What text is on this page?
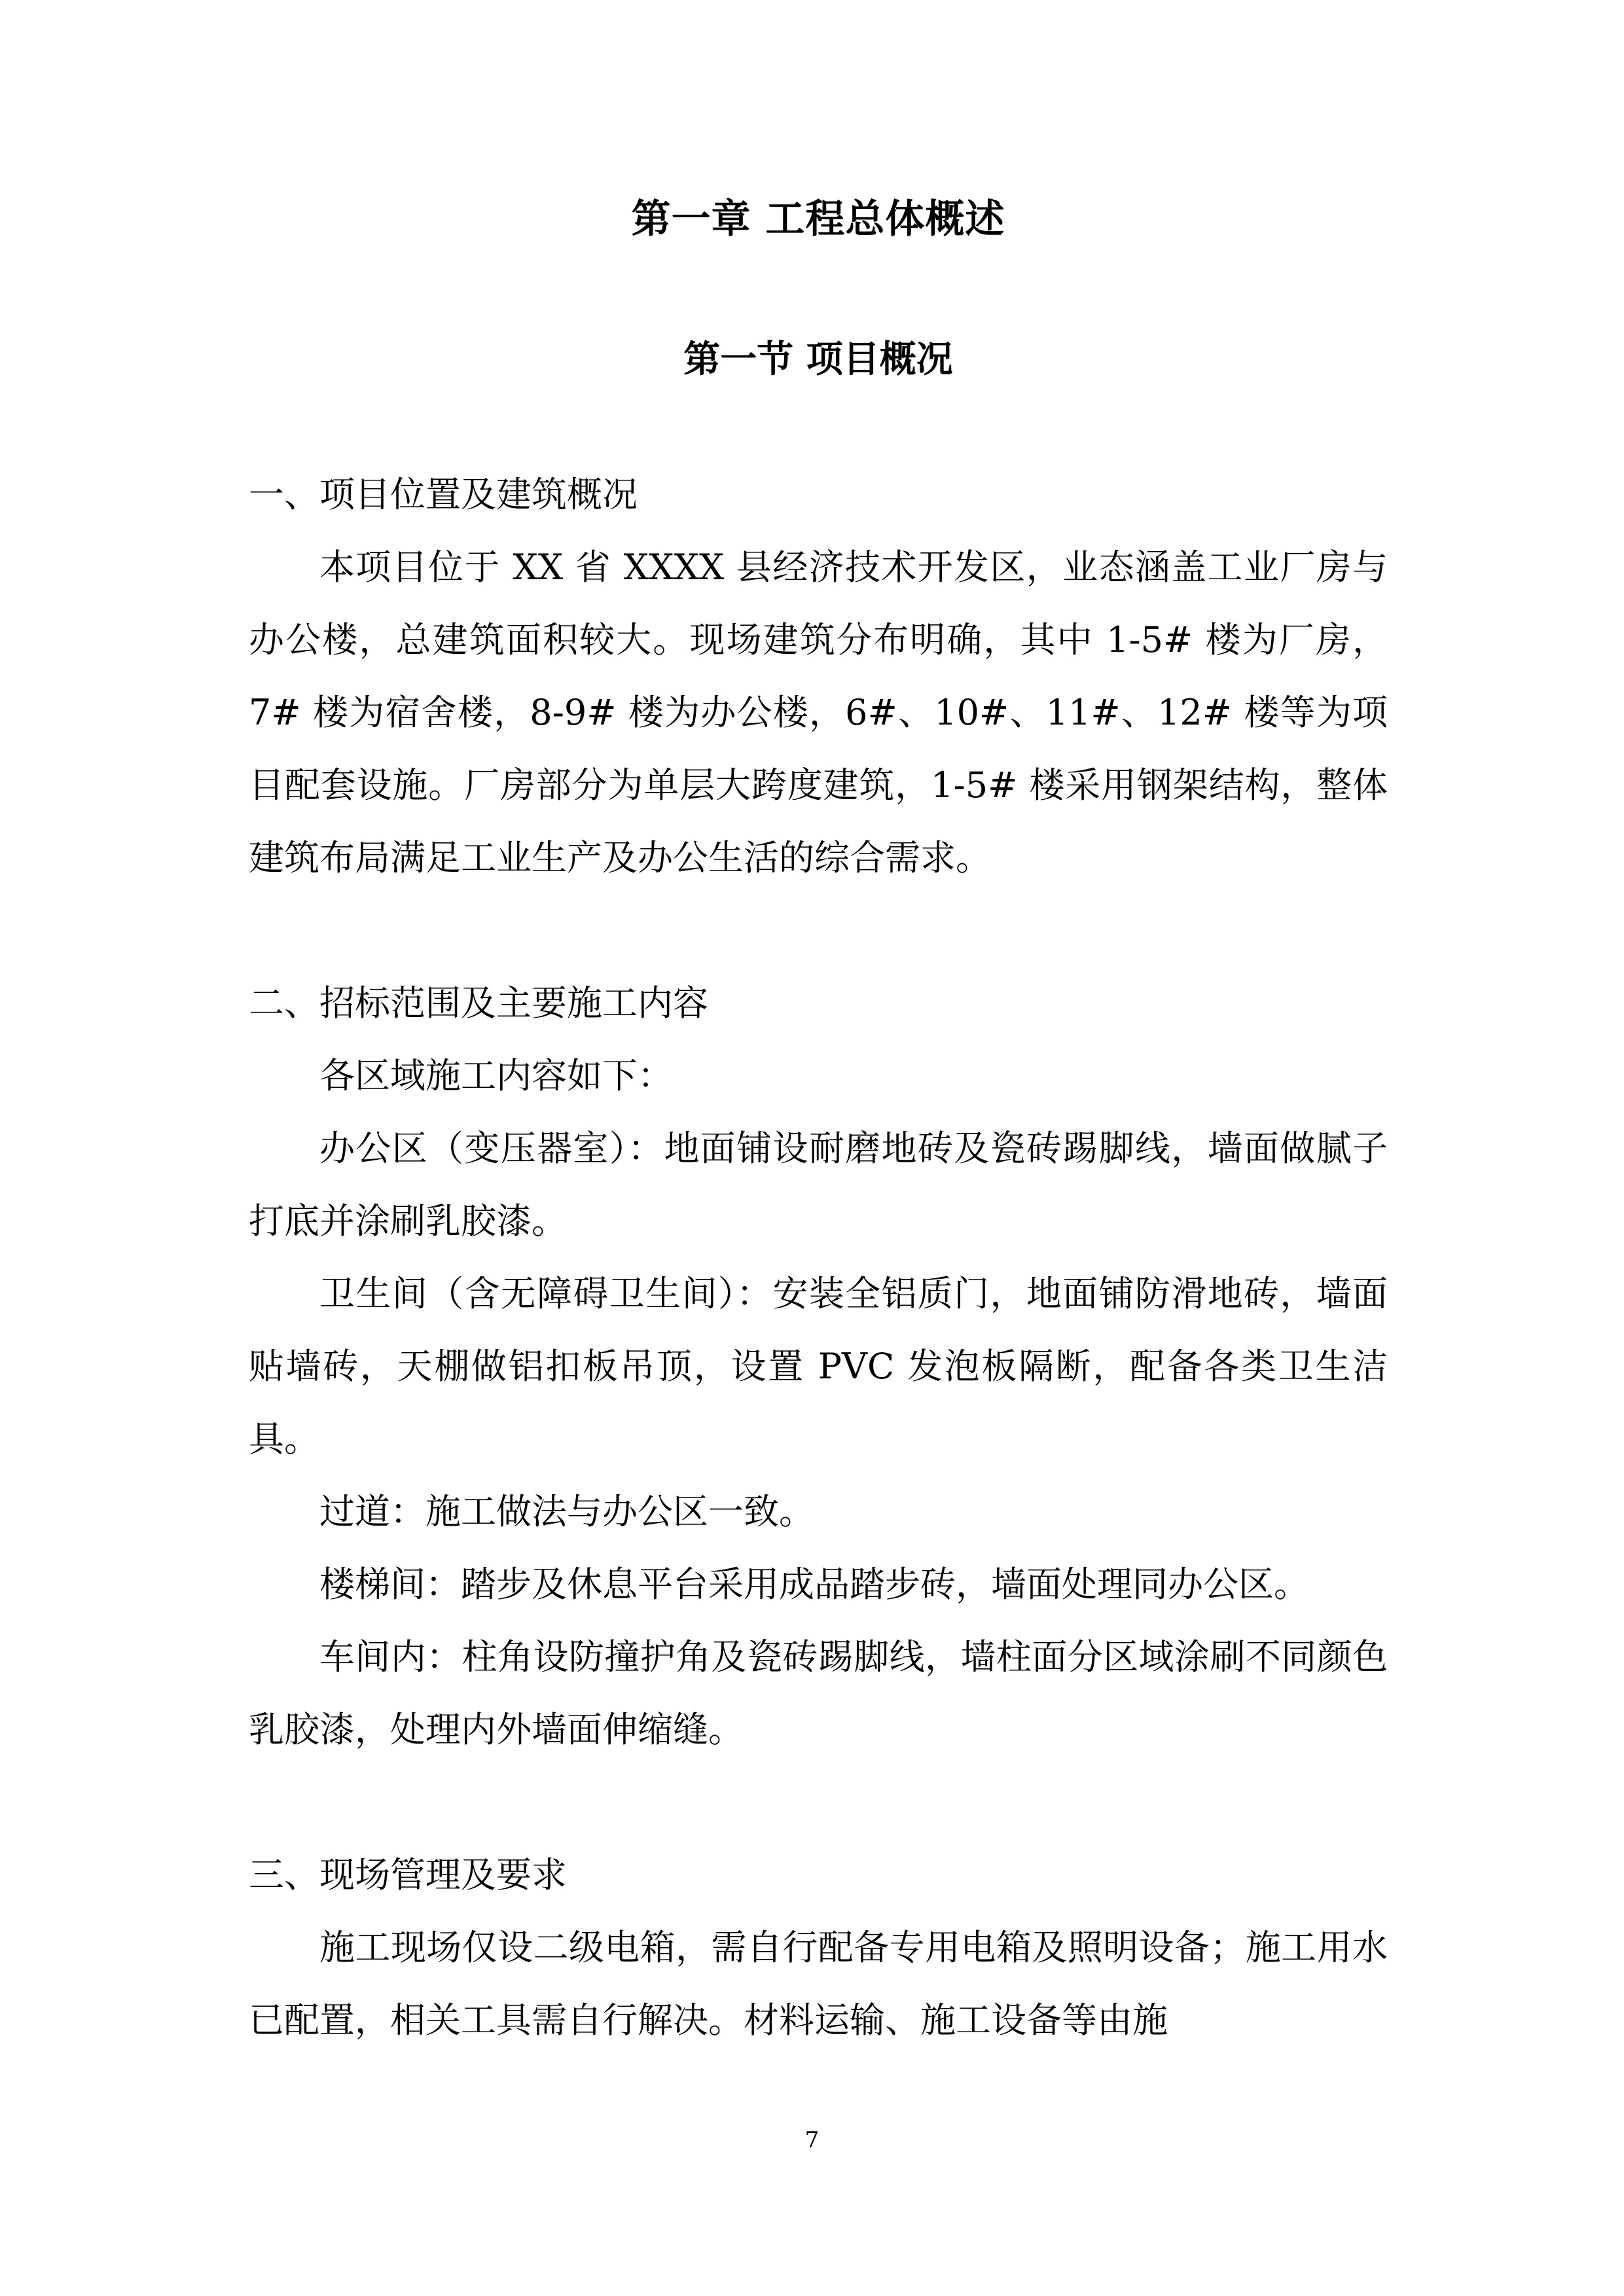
第一章 工程总体概述
第一节 项目概况
一、项目位置及建筑概况

本项目位于 XX 省 XXXX 县经济技术开发区，业态涵盖工业厂房与办公楼，总建筑面积较大。现场建筑分布明确，其中 1-5# 楼为厂房，7# 楼为宿舍楼，8-9# 楼为办公楼，6#、10#、11#、12# 楼等为项目配套设施。厂房部分为单层大跨度建筑，1-5# 楼采用钢架结构，整体建筑布局满足工业生产及办公生活的综合需求。

二、招标范围及主要施工内容

各区域施工内容如下：

办公区（变压器室）：地面铺设耐磨地砖及瓷砖踢脚线，墙面做腻子打底并涂刷乳胶漆。

卫生间（含无障碍卫生间）：安装全铝质门，地面铺防滑地砖，墙面贴墙砖，天棚做铝扣板吊顶，设置 PVC 发泡板隔断，配备各类卫生洁具。

过道：施工做法与办公区一致。

楼梯间：踏步及休息平台采用成品踏步砖，墙面处理同办公区。

车间内：柱角设防撞护角及瓷砖踢脚线，墙柱面分区域涂刷不同颜色乳胶漆，处理内外墙面伸缩缝。

三、现场管理及要求

施工现场仅设二级电箱，需自行配备专用电箱及照明设备；施工用水已配置，相关工具需自行解决。材料运输、施工设备等由施

7
